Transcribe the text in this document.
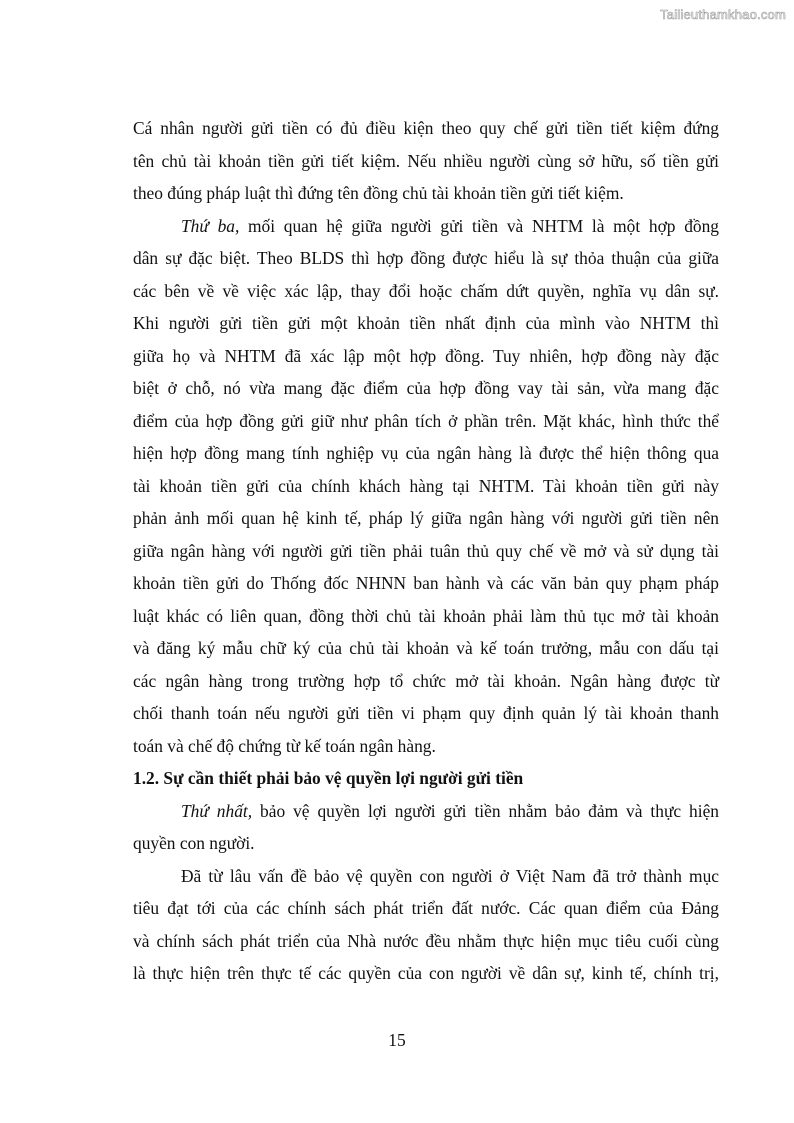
Tailieuthamkhao.com
Cá nhân người gửi tiền có đủ điều kiện theo quy chế gửi tiền tiết kiệm đứng
tên chủ tài khoản tiền gửi tiết kiệm. Nếu nhiều người cùng sở hữu, số tiền gửi
theo đúng pháp luật thì đứng tên đồng chủ tài khoản tiền gửi tiết kiệm.
Thứ ba, mối quan hệ giữa người gửi tiền và NHTM là một hợp đồng
dân sự đặc biệt. Theo BLDS thì hợp đồng được hiểu là sự thỏa thuận của giữa
các bên về về việc xác lập, thay đổi hoặc chấm dứt quyền, nghĩa vụ dân sự.
Khi người gửi tiền gửi một khoản tiền nhất định của mình vào NHTM thì
giữa họ và NHTM đã xác lập một hợp đồng. Tuy nhiên, hợp đồng này đặc
biệt ở chỗ, nó vừa mang đặc điểm của hợp đồng vay tài sản, vừa mang đặc
điểm của hợp đồng gửi giữ như phân tích ở phần trên. Mặt khác, hình thức thể
hiện hợp đồng mang tính nghiệp vụ của ngân hàng là được thể hiện thông qua
tài khoản tiền gửi của chính khách hàng tại NHTM. Tài khoản tiền gửi này
phản ảnh mối quan hệ kinh tế, pháp lý giữa ngân hàng với người gửi tiền nên
giữa ngân hàng với người gửi tiền phải tuân thủ quy chế về mở và sử dụng tài
khoản tiền gửi do Thống đốc NHNN ban hành và các văn bản quy phạm pháp
luật khác có liên quan, đồng thời chủ tài khoản phải làm thủ tục mở tài khoản
và đăng ký mẫu chữ ký của chủ tài khoản và kế toán trưởng, mẫu con dấu tại
các ngân hàng trong trường hợp tổ chức mở tài khoản. Ngân hàng được từ
chối thanh toán nếu người gửi tiền vi phạm quy định quản lý tài khoản thanh
toán và chế độ chứng từ kế toán ngân hàng.
1.2. Sự cần thiết phải bảo vệ quyền lợi người gửi tiền
Thứ nhất, bảo vệ quyền lợi người gửi tiền nhằm bảo đảm và thực hiện
quyền con người.
Đã từ lâu vấn đề bảo vệ quyền con người ở Việt Nam đã trở thành mục
tiêu đạt tới của các chính sách phát triển đất nước. Các quan điểm của Đảng
và chính sách phát triển của Nhà nước đều nhằm thực hiện mục tiêu cuối cùng
là thực hiện trên thực tế các quyền của con người về dân sự, kinh tế, chính trị,
15
